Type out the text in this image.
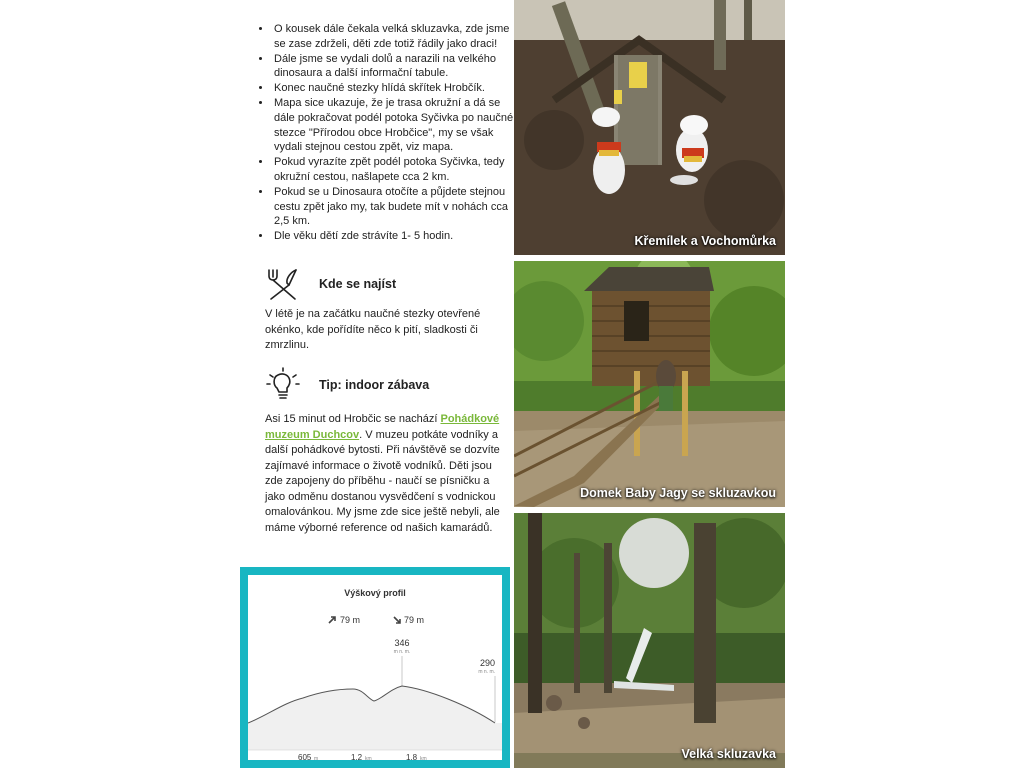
• O kousek dále čekala velká skluzavka, zde jsme se zase zdrželi, děti zde totiž řádily jako draci!
• Dále jsme se vydali dolů a narazili na velkého dinosaura a další informační tabule.
• Konec naučné stezky hlídá skřítek Hrobčík.
• Mapa sice ukazuje, že je trasa okružní a dá se dále pokračovat podél potoka Syčivka po naučné stezce "Přírodou obce Hrobčice", my se však vydali stejnou cestou zpět, viz mapa.
• Pokud vyrazíte zpět podél potoka Syčivka, tedy okružní cestou, našlapete cca 2 km.
• Pokud se u Dinosaura otočíte a půjdete stejnou cestu zpět jako my, tak budete mít v nohách cca 2,5 km.
• Dle věku dětí zde strávíte 1- 5 hodin.
Kde se najíst
V létě je na začátku naučné stezky otevřené okénko, kde pořídíte něco k pití, sladkosti či zmrzlinu.
Tip: indoor zábava
Asi 15 minut od Hrobčic se nachází Pohádkové muzeum Duchcov. V muzeu potkáte vodníky a další pohádkové bytosti. Při návštěvě se dozvíte zajímavé informace o životě vodníků. Děti jsou zde zapojeny do příběhu - naučí se písničku a jako odměnu dostanou vysvědčení s vodnickou omalovánkou. My jsme zde sice ještě nebyli, ale máme výborné reference od našich kamarádů.
Výškový profil
79 m	79 m
346
m n. m.
290
m n. m.
605 m	1,2 km	1,8 km
Křemílek a Vochomůrka
Domek Baby Jagy se skluzavkou
Velká skluzavka
